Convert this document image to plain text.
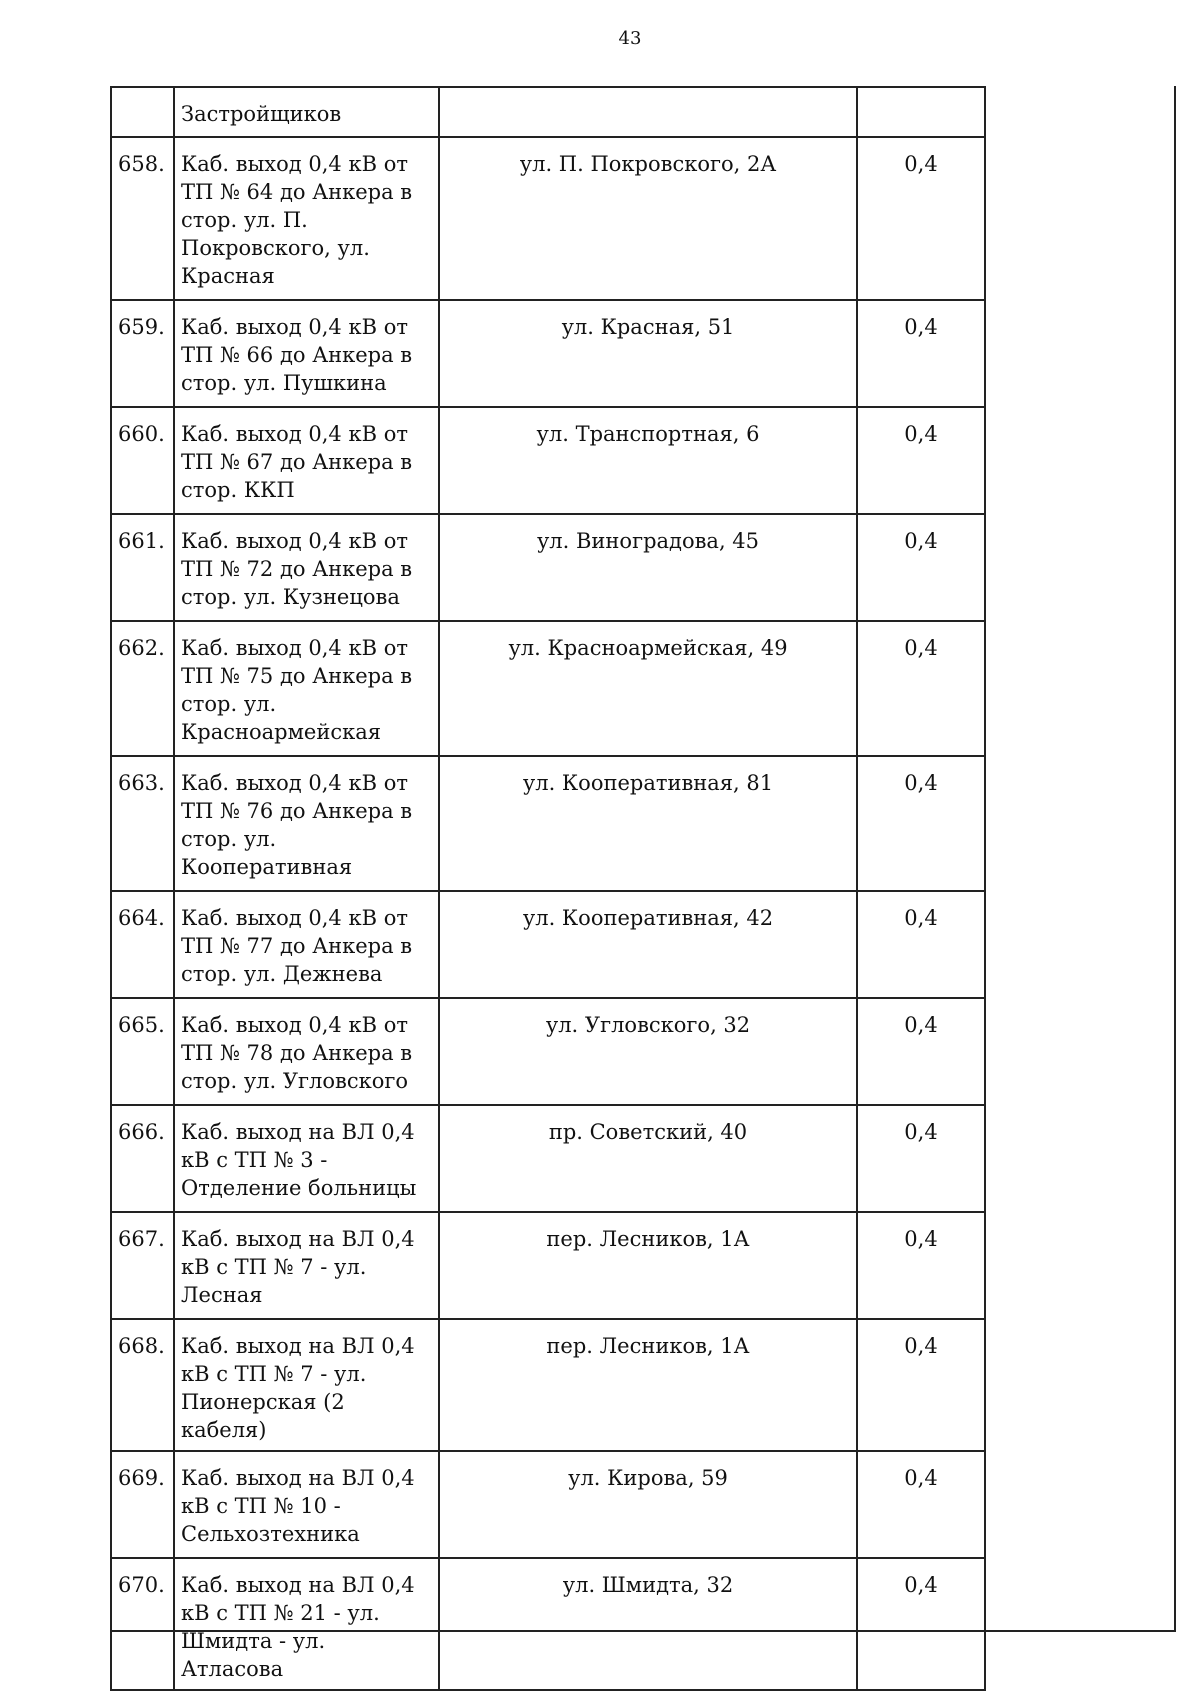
43
	Застройщиков		
658.	Каб. выход 0,4 кВ от
ТП № 64 до Анкера в
стор. ул. П.
Покровского, ул.
Красная	ул. П. Покровского, 2А	0,4
659.	Каб. выход 0,4 кВ от
ТП № 66 до Анкера в
стор. ул. Пушкина	ул. Красная, 51	0,4
660.	Каб. выход 0,4 кВ от
ТП № 67 до Анкера в
стор. ККП	ул. Транспортная, 6	0,4
661.	Каб. выход 0,4 кВ от
ТП № 72 до Анкера в
стор. ул. Кузнецова	ул. Виноградова, 45	0,4
662.	Каб. выход 0,4 кВ от
ТП № 75 до Анкера в
стор. ул.
Красноармейская	ул. Красноармейская, 49	0,4
663.	Каб. выход 0,4 кВ от
ТП № 76 до Анкера в
стор. ул.
Кооперативная	ул. Кооперативная, 81	0,4
664.	Каб. выход 0,4 кВ от
ТП № 77 до Анкера в
стор. ул. Дежнева	ул. Кооперативная, 42	0,4
665.	Каб. выход 0,4 кВ от
ТП № 78 до Анкера в
стор. ул. Угловского	ул. Угловского, 32	0,4
666.	Каб. выход на ВЛ 0,4
кВ с ТП № 3 -
Отделение больницы	пр. Советский, 40	0,4
667.	Каб. выход на ВЛ 0,4
кВ с ТП № 7 - ул.
Лесная	пер. Лесников, 1А	0,4
668.	Каб. выход на ВЛ 0,4
кВ с ТП № 7 - ул.
Пионерская (2 кабеля)	пер. Лесников, 1А	0,4
669.	Каб. выход на ВЛ 0,4
кВ с ТП № 10 -
Сельхозтехника	ул. Кирова, 59	0,4
670.	Каб. выход на ВЛ 0,4
кВ с ТП № 21 - ул.
Шмидта - ул. Атласова	ул. Шмидта, 32	0,4
